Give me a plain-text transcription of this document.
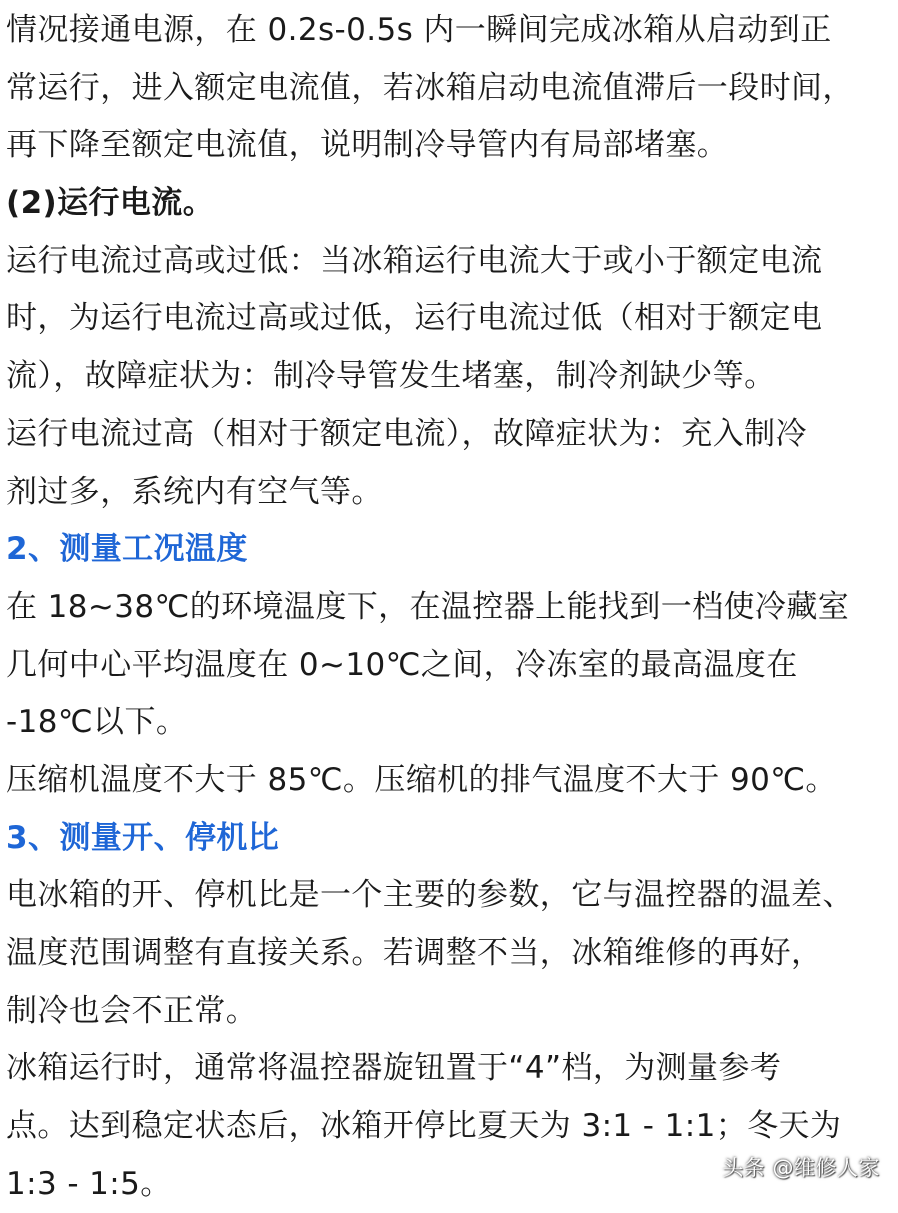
情况接通电源，在 0.2s-0.5s 内一瞬间完成冰箱从启动到正
常运行，进入额定电流值，若冰箱启动电流值滞后一段时间，
再下降至额定电流值，说明制冷导管内有局部堵塞。
(2)运行电流。
运行电流过高或过低：当冰箱运行电流大于或小于额定电流
时，为运行电流过高或过低，运行电流过低（相对于额定电
流），故障症状为：制冷导管发生堵塞，制冷剂缺少等。
运行电流过高（相对于额定电流），故障症状为：充入制冷
剂过多，系统内有空气等。
2、测量工况温度
在 18~38℃的环境温度下，在温控器上能找到一档使冷藏室
几何中心平均温度在 0~10℃之间，冷冻室的最高温度在
-18℃以下。
压缩机温度不大于 85℃。压缩机的排气温度不大于 90℃。
3、测量开、停机比
电冰箱的开、停机比是一个主要的参数，它与温控器的温差、
温度范围调整有直接关系。若调整不当，冰箱维修的再好，
制冷也会不正常。
冰箱运行时，通常将温控器旋钮置于“4”档，为测量参考
点。达到稳定状态后，冰箱开停比夏天为 3:1 - 1:1；冬天为
1:3 - 1:5。	头条 @维修人家
